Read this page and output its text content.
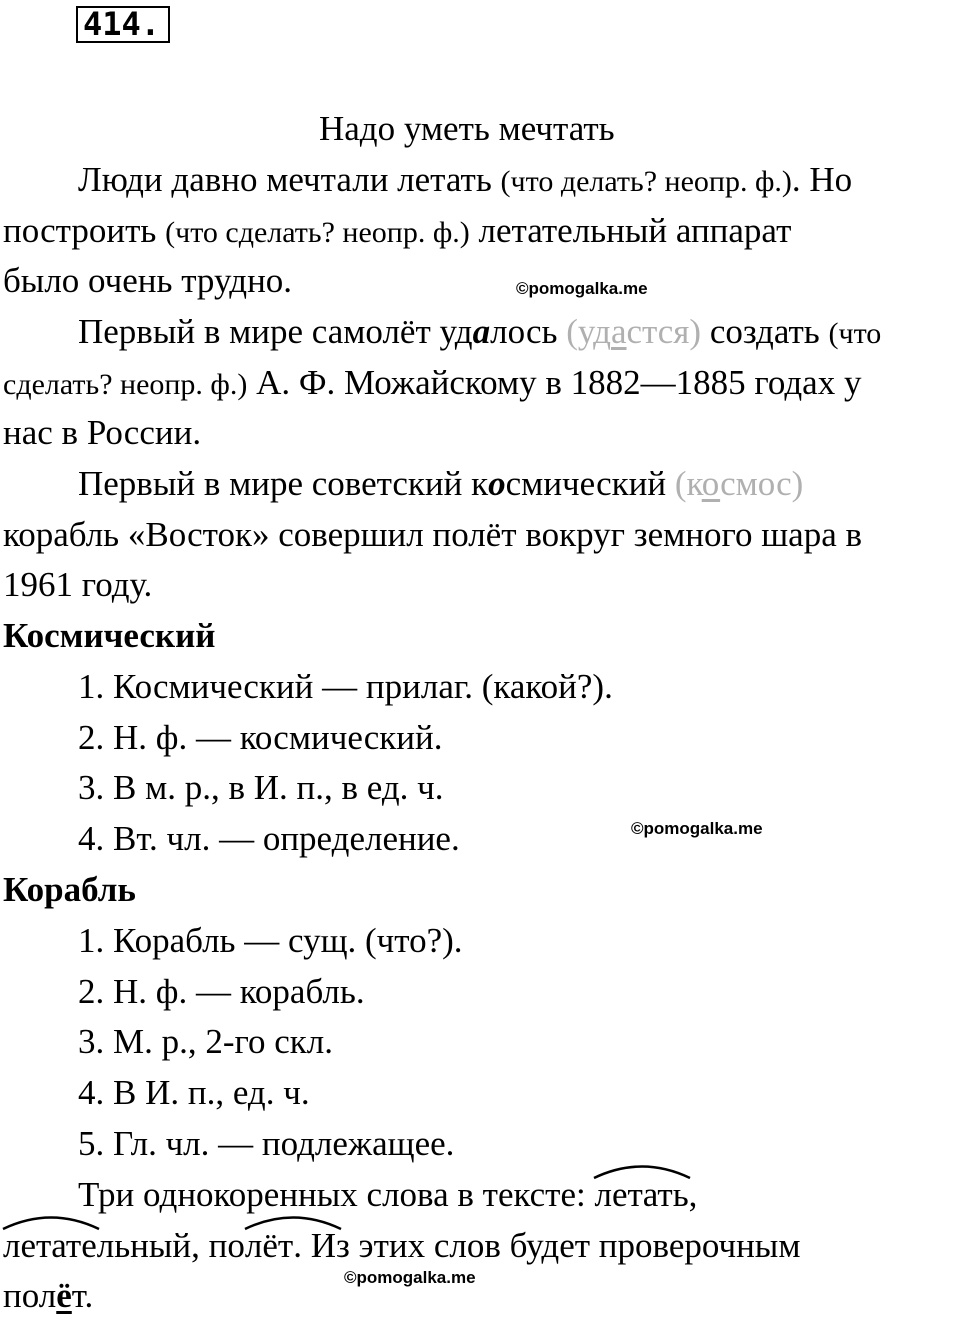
414.
Надо уметь мечтать
Люди давно мечтали летать (что делать? неопр. ф.). Но
построить (что сделать? неопр. ф.) летательный аппарат
было очень трудно.	©pomogalka.me
Первый в мире самолёт удалось (удастся) создать (что
сделать? неопр. ф.) А. Ф. Можайскому в 1882—1885 годах у
нас в России.
Первый в мире советский космический (космос)
корабль «Восток» совершил полёт вокруг земного шара в
1961 году.
Космический
1. Космический — прилаг. (какой?).
2. Н. ф. — космический.
3. В м. р., в И. п., в ед. ч.
4. Вт. чл. — определение.	©pomogalka.me
Корабль
1. Корабль — сущ. (что?).
2. Н. ф. — корабль.
3. М. р., 2-го скл.
4. В И. п., ед. ч.
5. Гл. чл. — подлежащее.
Три однокоренных слова в тексте:
летать,
летательный, по
лёт. Из этих слов будет проверочным
©pomogalka.me
полёт.
